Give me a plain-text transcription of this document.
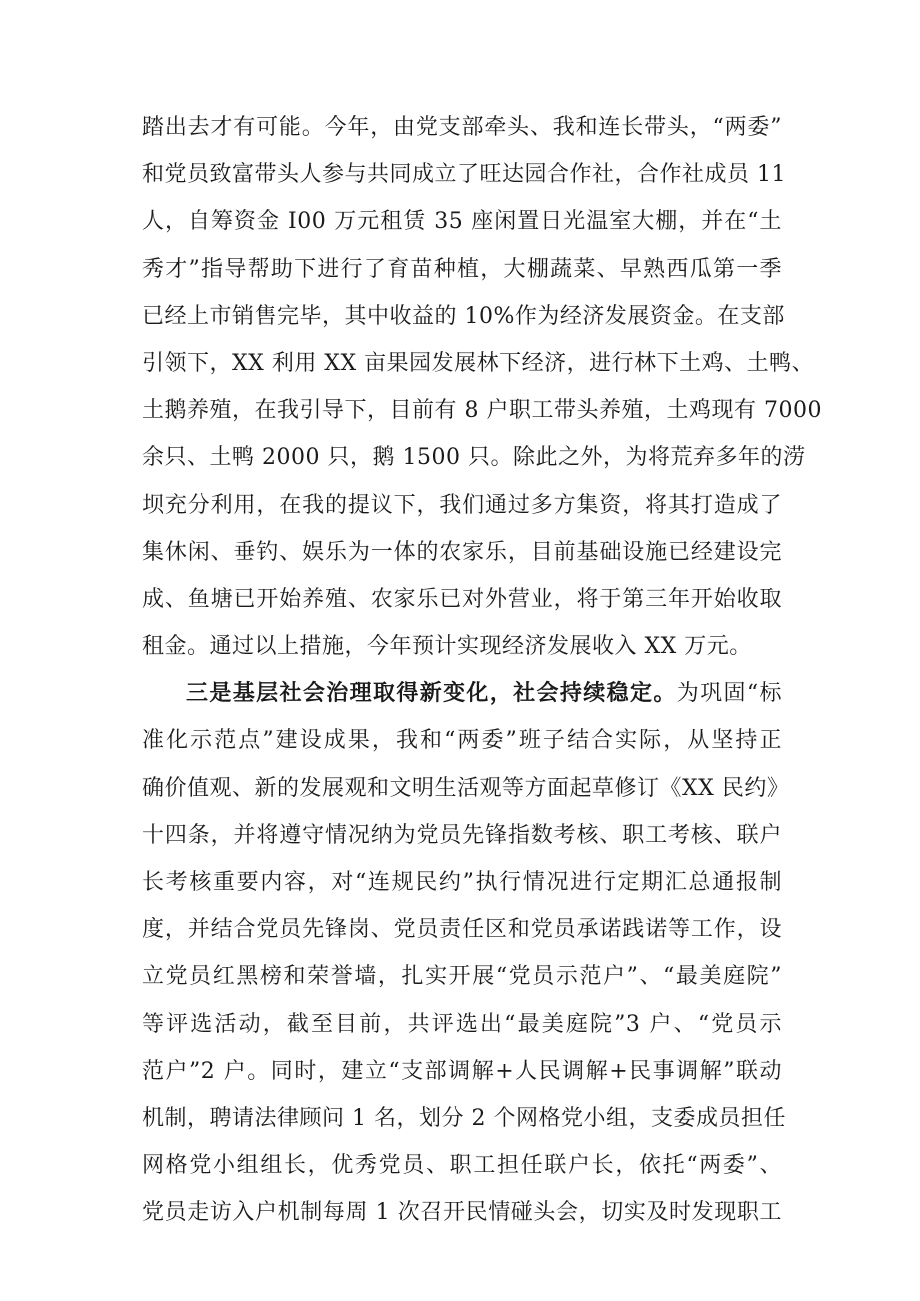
踏出去才有可能。今年，由党支部牵头、我和连长带头，“两委”
和党员致富带头人参与共同成立了旺达园合作社，合作社成员 11
人，自筹资金 I00 万元租赁 35 座闲置日光温室大棚，并在“土
秀才”指导帮助下进行了育苗种植，大棚蔬菜、早熟西瓜第一季
已经上市销售完毕，其中收益的 10%作为经济发展资金。在支部
引领下，XX 利用 XX 亩果园发展林下经济，进行林下土鸡、土鸭、
土鹅养殖，在我引导下，目前有 8 户职工带头养殖，土鸡现有 7000
余只、土鸭 2000 只，鹅 1500 只。除此之外，为将荒弃多年的涝
坝充分利用，在我的提议下，我们通过多方集资，将其打造成了
集休闲、垂钓、娱乐为一体的农家乐，目前基础设施已经建设完
成、鱼塘已开始养殖、农家乐已对外营业，将于第三年开始收取
租金。通过以上措施，今年预计实现经济发展收入 XX 万元。
三是基层社会治理取得新变化，社会持续稳定。为巩固“标
准化示范点”建设成果，我和“两委”班子结合实际，从坚持正
确价值观、新的发展观和文明生活观等方面起草修订《XX 民约》
十四条，并将遵守情况纳为党员先锋指数考核、职工考核、联户
长考核重要内容，对“连规民约”执行情况进行定期汇总通报制
度，并结合党员先锋岗、党员责任区和党员承诺践诺等工作，设
立党员红黑榜和荣誉墙，扎实开展“党员示范户”、“最美庭院”
等评选活动，截至目前，共评选出“最美庭院”3 户、“党员示
范户”2 户。同时，建立“支部调解+人民调解+民事调解”联动
机制，聘请法律顾问 1 名，划分 2 个网格党小组，支委成员担任
网格党小组组长，优秀党员、职工担任联户长，依托“两委”、
党员走访入户机制每周 1 次召开民情碰头会，切实及时发现职工
